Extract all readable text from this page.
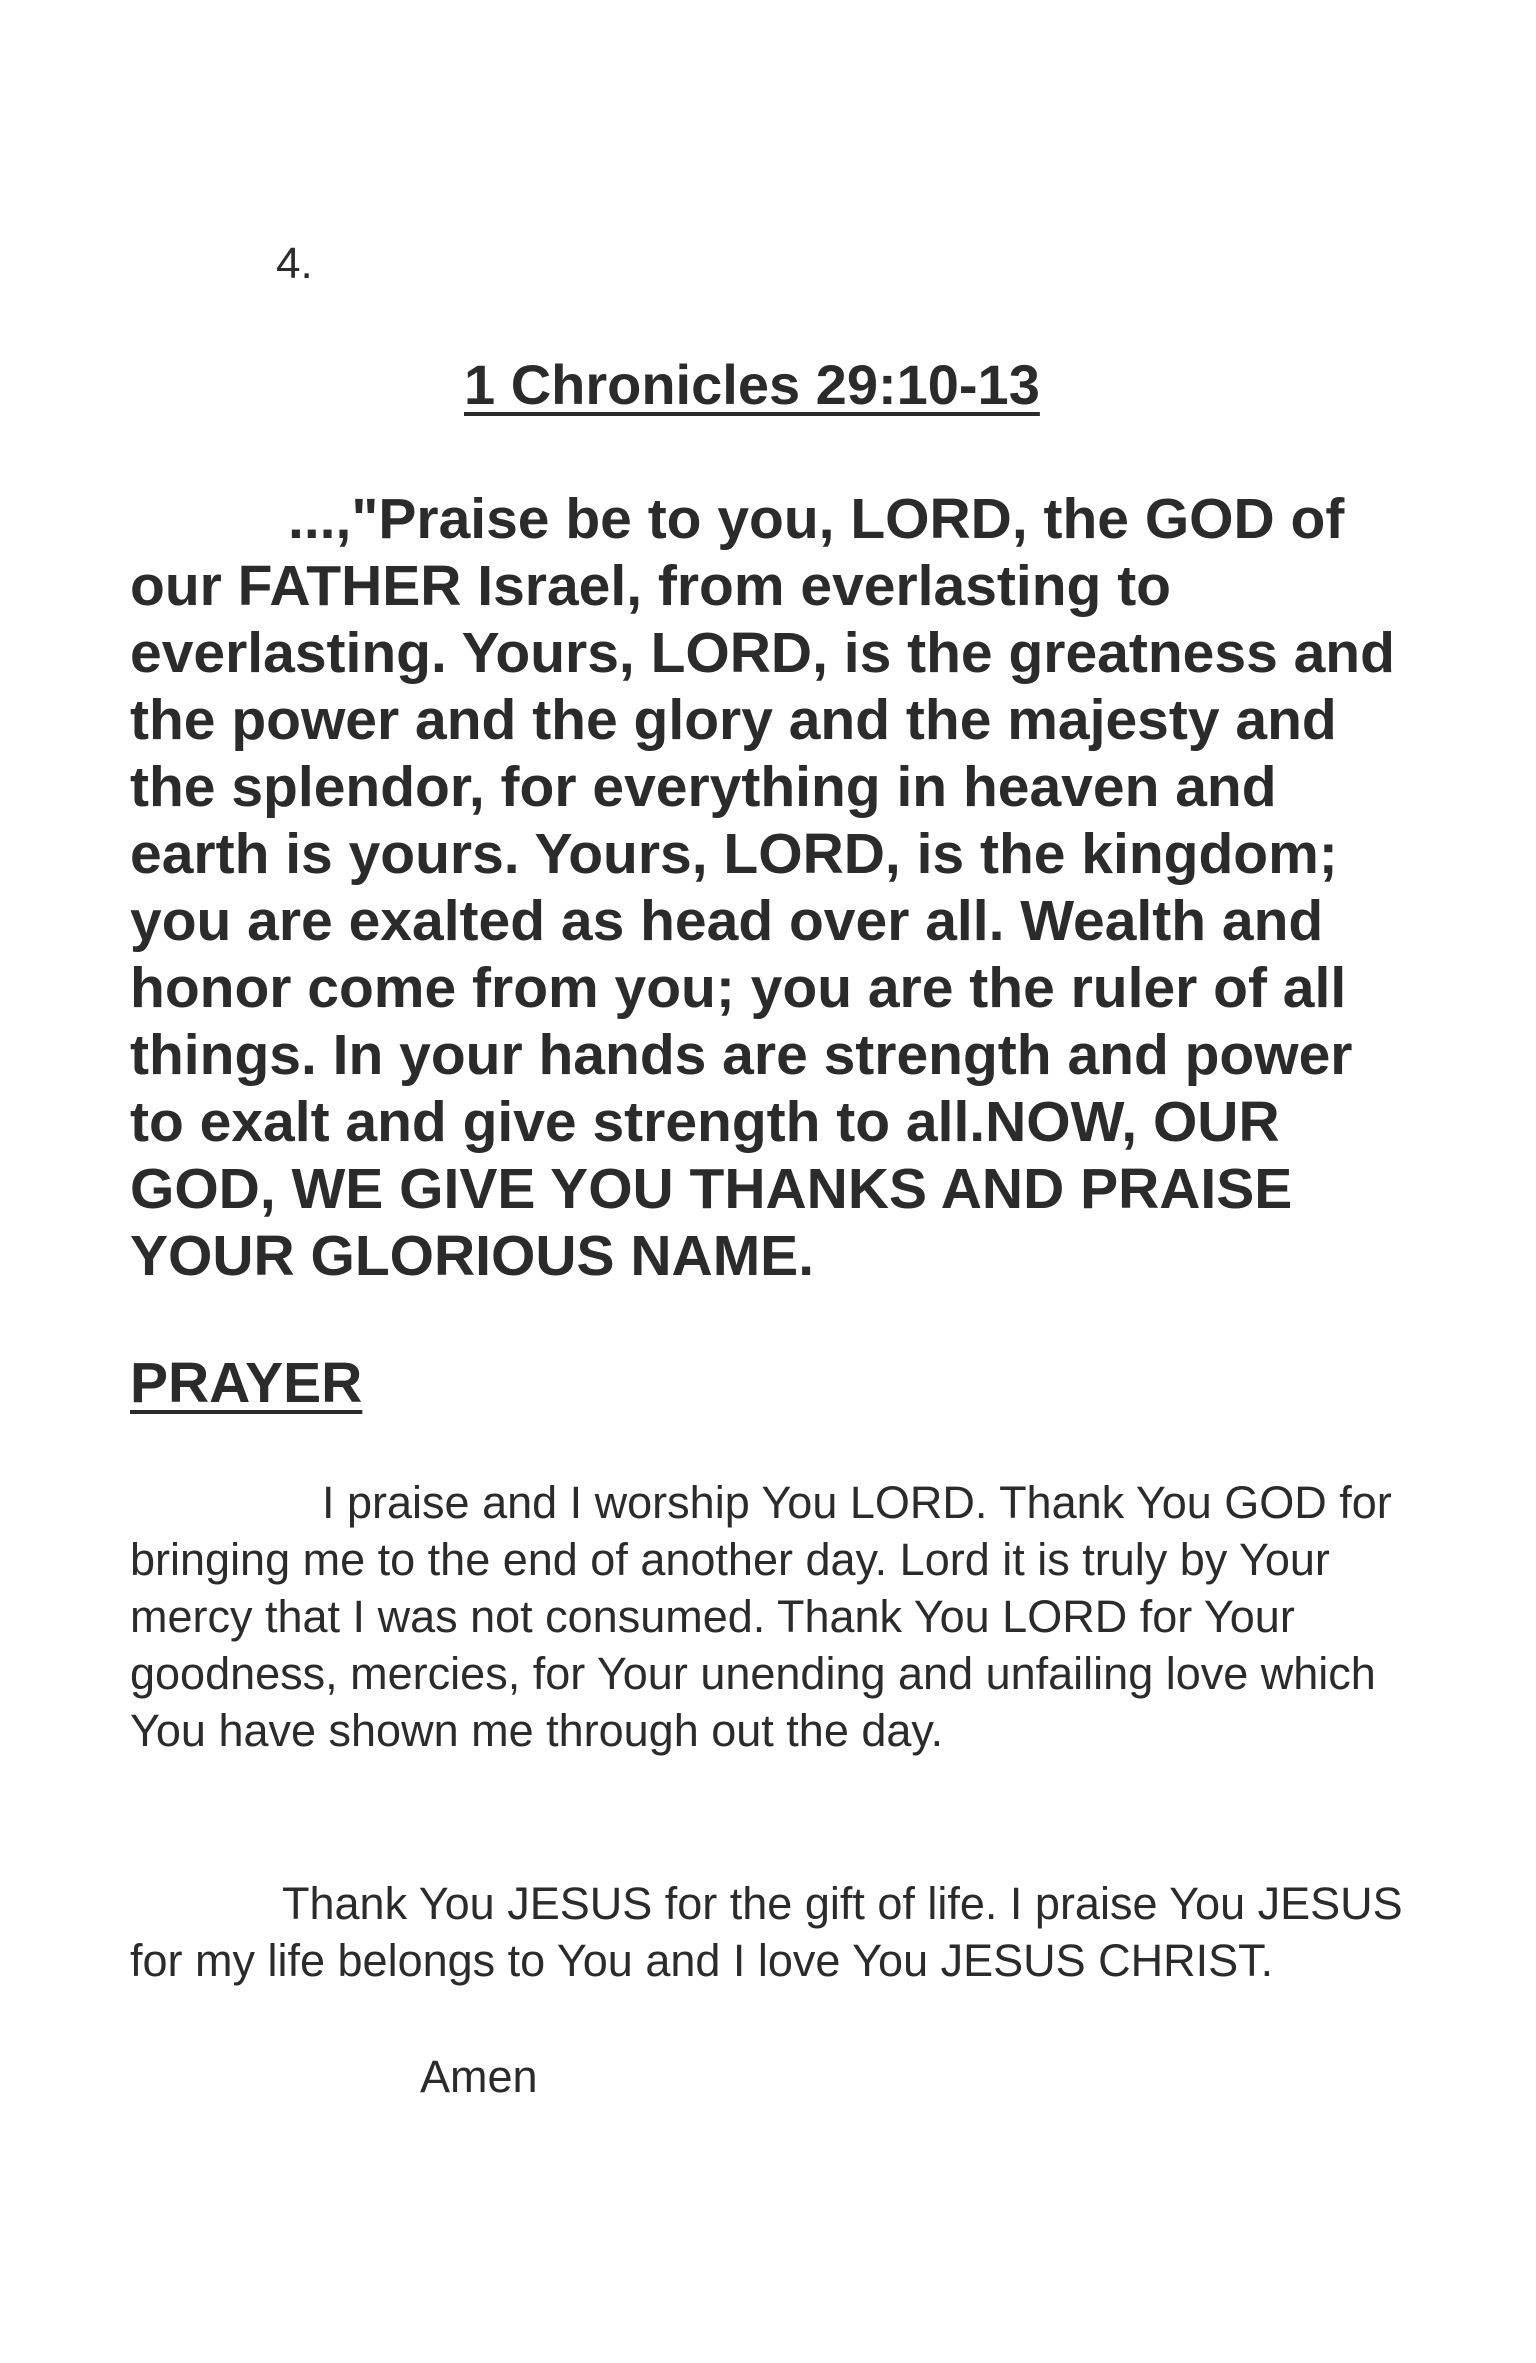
4.

1 Chronicles 29:10-13

...,"Praise be to you, LORD, the GOD of our FATHER Israel, from everlasting to everlasting. Yours, LORD, is the greatness and the power and the glory and the majesty and the splendor, for everything in heaven and earth is yours. Yours, LORD, is the kingdom; you are exalted as head over all. Wealth and honor come from you; you are the ruler of all things. In your hands are strength and power to exalt and give strength to all.NOW, OUR GOD, WE GIVE YOU THANKS AND PRAISE YOUR GLORIOUS NAME.

PRAYER

I praise and I worship You LORD. Thank You GOD for bringing me to the end of another day. Lord it is truly by Your mercy that I was not consumed. Thank You LORD for Your goodness, mercies, for Your unending and unfailing love which You have shown me through out the day.

Thank You JESUS for the gift of life. I praise You JESUS for my life belongs to You and I love You JESUS CHRIST.

Amen
